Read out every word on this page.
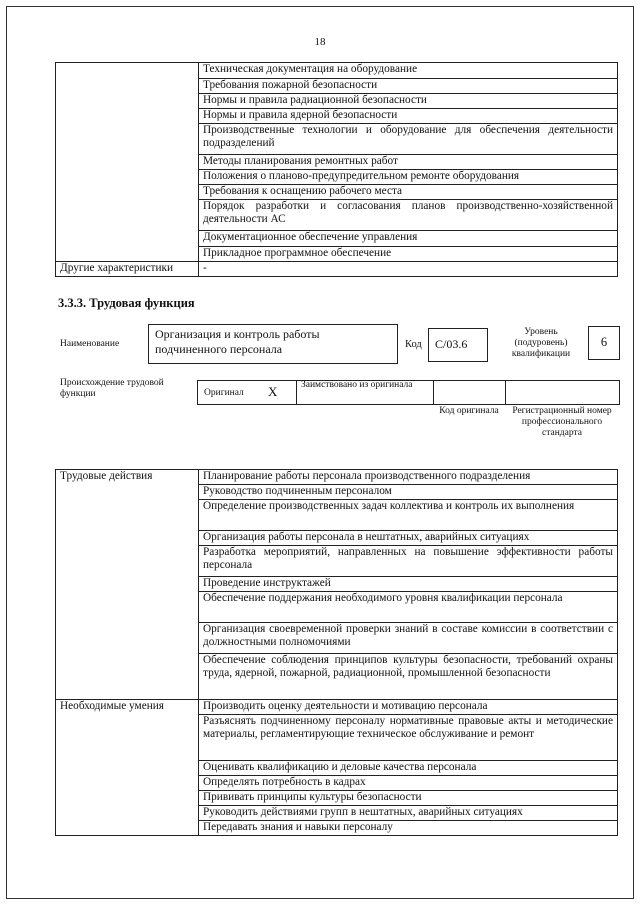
18
	Техническая документация на оборудование
	Требования пожарной безопасности
	Нормы и правила радиационной безопасности
	Нормы и правила ядерной безопасности
	Производственные технологии и оборудование для обеспечения деятельности подразделений
	Методы планирования ремонтных работ
	Положения о планово-предупредительном ремонте оборудования
	Требования к оснащению рабочего места
	Порядок разработки и согласования планов производственно-хозяйственной деятельности АС
	Документационное обеспечение управления
	Прикладное программное обеспечение
Другие характеристики	-
3.3.3. Трудовая функция
Наименование
Организация и контроль работы подчиненного персонала	Код	C/03.6
Уровень (подуровень) квалификации
6
Происхождение трудовой функции	Оригинал X Заимствовано из оригинала
Код оригинала	Регистрационный номер профессионального стандарта
Трудовые действия	Планирование работы персонала производственного подразделения
	Руководство подчиненным персоналом
	Определение производственных задач коллектива и контроль их выполнения
	Организация работы персонала в нештатных, аварийных ситуациях
	Разработка мероприятий, направленных на повышение эффективности работы персонала
	Проведение инструктажей
	Обеспечение поддержания необходимого уровня квалификации персонала
	Организация своевременной проверки знаний в составе комиссии в соответствии с должностными полномочиями
	Обеспечение соблюдения принципов культуры безопасности, требований охраны труда, ядерной, пожарной, радиационной, промышленной безопасности
Необходимые умения	Производить оценку деятельности и мотивацию персонала
	Разъяснять подчиненному персоналу нормативные правовые акты и методические материалы, регламентирующие техническое обслуживание и ремонт
	Оценивать квалификацию и деловые качества персонала
	Определять потребность в кадрах
	Прививать принципы культуры безопасности
	Руководить действиями групп в нештатных, аварийных ситуациях
	Передавать знания и навыки персоналу
